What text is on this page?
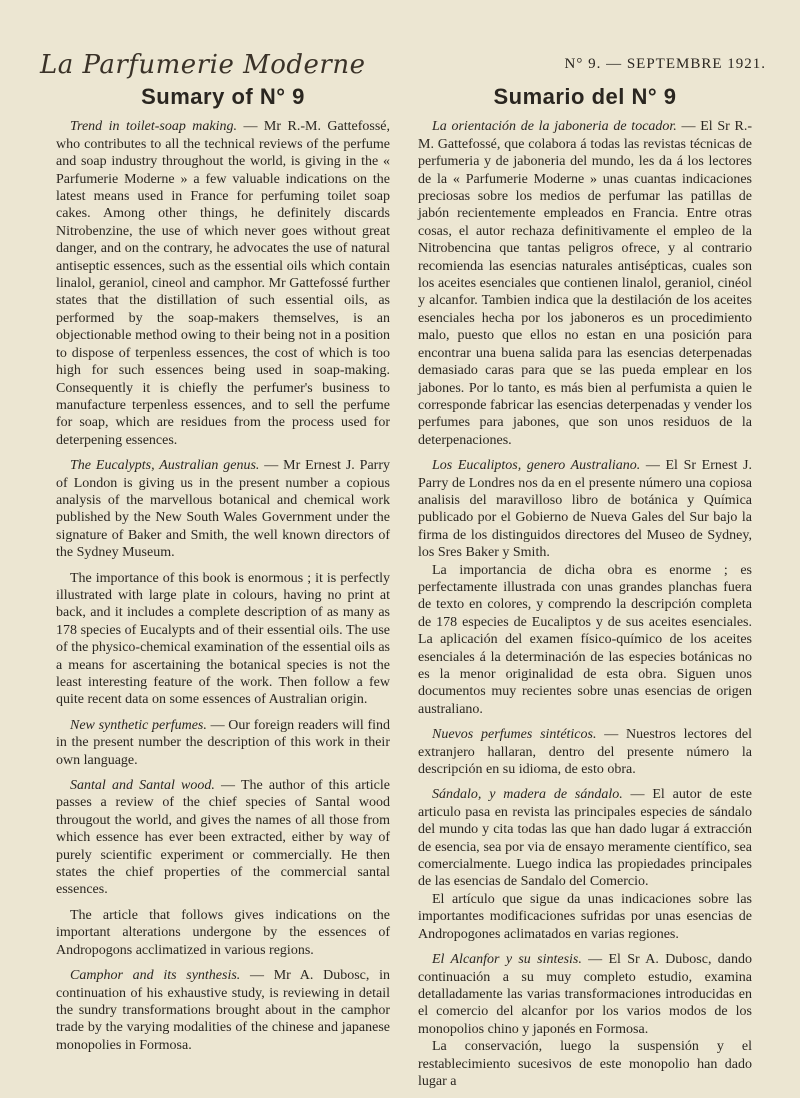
La Parfumerie Moderne	N° 9. — SEPTEMBRE 1921.
Sumary of N° 9

Trend in toilet-soap making. — Mr R.-M. Gattefossé, who contributes to all the technical reviews of the perfume and soap industry throughout the world, is giving in the « Parfumerie Moderne » a few valuable indications on the latest means used in France for perfuming toilet soap cakes. Among other things, he definitely discards Nitrobenzine, the use of which never goes without great danger, and on the contrary, he advocates the use of natural antiseptic essences, such as the essential oils which contain linalol, geraniol, cineol and camphor. Mr Gattefossé further states that the distillation of such essential oils, as performed by the soap-makers themselves, is an objectionable method owing to their being not in a position to dispose of terpenless essences, the cost of which is too high for such essences being used in soap-making. Consequently it is chiefly the perfumer's business to manufacture terpenless essences, and to sell the perfume for soap, which are residues from the process used for deterpening essences.

The Eucalypts, Australian genus. — Mr Ernest J. Parry of London is giving us in the present number a copious analysis of the marvellous botanical and chemical work published by the New South Wales Government under the signature of Baker and Smith, the well known directors of the Sydney Museum.

The importance of this book is enormous ; it is perfectly illustrated with large plate in colours, having no print at back, and it includes a complete description of as many as 178 species of Eucalypts and of their essential oils. The use of the physico-chemical examination of the essential oils as a means for ascertaining the botanical species is not the least interesting feature of the work. Then follow a few quite recent data on some essences of Australian origin.

New synthetic perfumes. — Our foreign readers will find in the present number the description of this work in their own language.

Santal and Santal wood. — The author of this article passes a review of the chief species of Santal wood througout the world, and gives the names of all those from which essence has ever been extracted, either by way of purely scientific experiment or commercially. He then states the chief properties of the commercial santal essences.

The article that follows gives indications on the important alterations undergone by the essences of Andropogons acclimatized in various regions.

Camphor and its synthesis. — Mr A. Dubosc, in continuation of his exhaustive study, is reviewing in detail the sundry transformations brought about in the camphor trade by the varying modalities of the chinese and japanese monopolies in Formosa.

Sumario del N° 9

La orientación de la jaboneria de tocador. — El Sr R.-M. Gattefossé, que colabora á todas las revistas técnicas de perfumeria y de jaboneria del mundo, les da á los lectores de la « Parfumerie Moderne » unas cuantas indicaciones preciosas sobre los medios de perfumar las patillas de jabón recientemente empleados en Francia. Entre otras cosas, el autor rechaza definitivamente el empleo de la Nitrobencina que tantas peligros ofrece, y al contrario recomienda las esencias naturales antisépticas, cuales son los aceites esenciales que contienen linalol, geraniol, cinéol y alcanfor. Tambien indica que la destilación de los aceites esenciales hecha por los jaboneros es un procedimiento malo, puesto que ellos no estan en una posición para encontrar una buena salida para las esencias deterpenadas demasiado caras para que se las pueda emplear en los jabones. Por lo tanto, es más bien al perfumista a quien le corresponde fabricar las esencias deterpenadas y vender los perfumes para jabones, que son unos residuos de la deterpenaciones.

Los Eucaliptos, genero Australiano. — El Sr Ernest J. Parry de Londres nos da en el presente número una copiosa analisis del maravilloso libro de botánica y Química publicado por el Gobierno de Nueva Gales del Sur bajo la firma de los distinguidos directores del Museo de Sydney, los Sres Baker y Smith.

La importancia de dicha obra es enorme ; es perfectamente illustrada con unas grandes planchas fuera de texto en colores, y comprendo la descripción completa de 178 especies de Eucaliptos y de sus aceites esenciales. La aplicación del examen físico-químico de los aceites esenciales á la determinación de las especies botánicas no es la menor originalidad de esta obra. Siguen unos documentos muy recientes sobre unas esencias de origen australiano.

Nuevos perfumes sintéticos. — Nuestros lectores del extranjero hallaran, dentro del presente número la descripción en su idioma, de esto obra.

Sándalo, y madera de sándalo. — El autor de este articulo pasa en revista las principales especies de sándalo del mundo y cita todas las que han dado lugar á extracción de esencia, sea por via de ensayo meramente científico, sea comercialmente. Luego indica las propiedades principales de las esencias de Sandalo del Comercio.

El artículo que sigue da unas indicaciones sobre las importantes modificaciones sufridas por unas esencias de Andropogones aclimatados en varias regiones.

El Alcanfor y su sintesis. — El Sr A. Dubosc, dando continuación a su muy completo estudio, examina detalladamente las varias transformaciones introducidas en el comercio del alcanfor por los varios modos de los monopolios chino y japonés en Formosa.

La conservación, luego la suspensión y el restablecimiento sucesivos de este monopolio han dado lugar a
